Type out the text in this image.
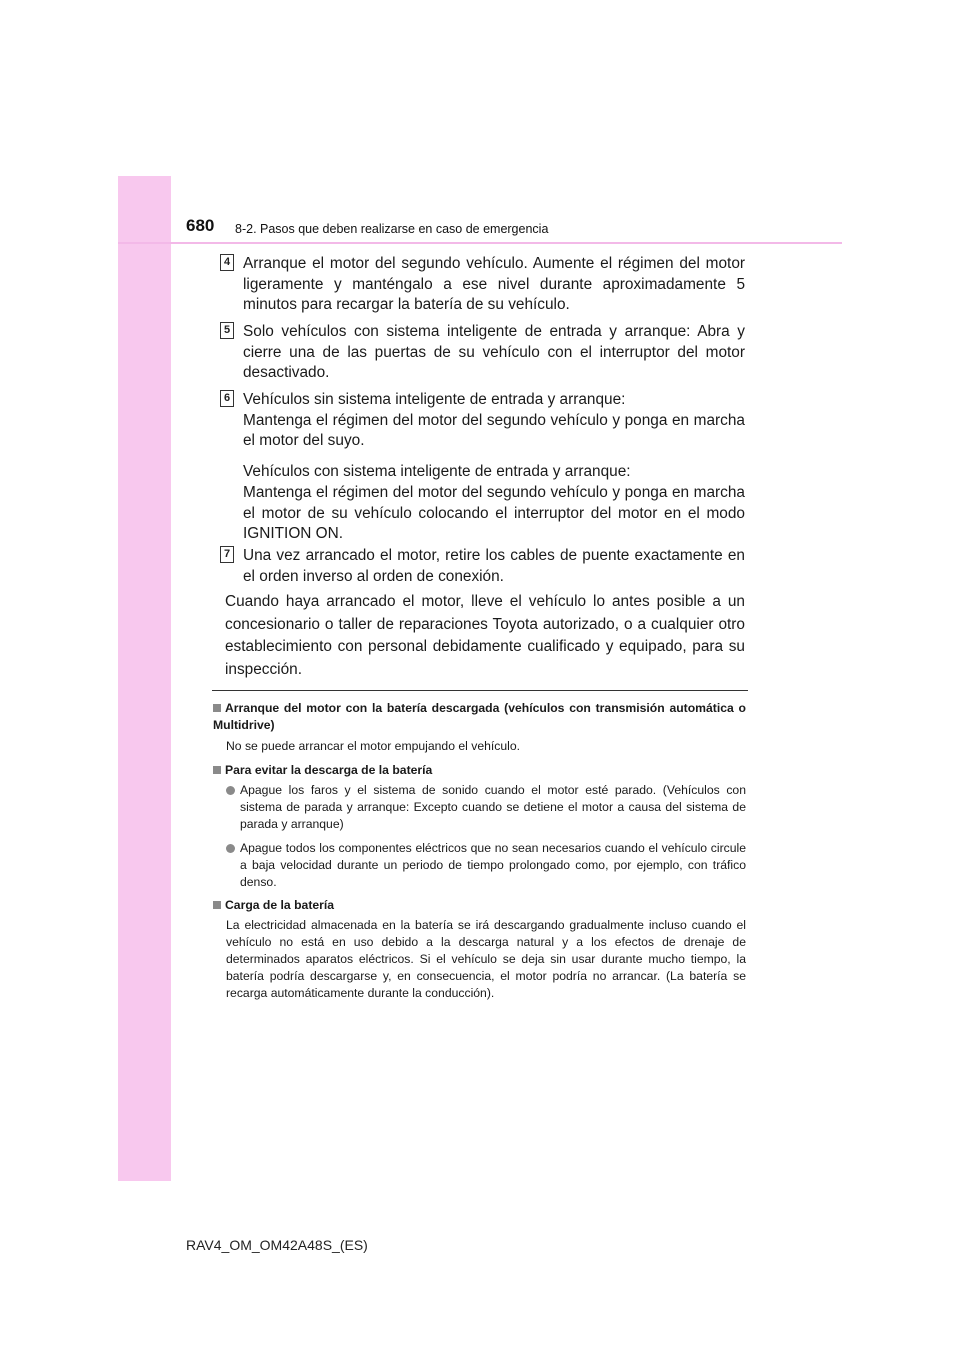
680 8-2. Pasos que deben realizarse en caso de emergencia
4 Arranque el motor del segundo vehículo. Aumente el régimen del motor ligeramente y manténgalo a ese nivel durante aproximadamente 5 minutos para recargar la batería de su vehículo.

5 Solo vehículos con sistema inteligente de entrada y arranque: Abra y cierre una de las puertas de su vehículo con el interruptor del motor desactivado.

6 Vehículos sin sistema inteligente de entrada y arranque:

Mantenga el régimen del motor del segundo vehículo y ponga en marcha el motor del suyo.

Vehículos con sistema inteligente de entrada y arranque:

Mantenga el régimen del motor del segundo vehículo y ponga en marcha el motor de su vehículo colocando el interruptor del motor en el modo IGNITION ON.

7 Una vez arrancado el motor, retire los cables de puente exactamente en el orden inverso al orden de conexión.

Cuando haya arrancado el motor, lleve el vehículo lo antes posible a un concesionario o taller de reparaciones Toyota autorizado, o a cualquier otro establecimiento con personal debidamente cualificado y equipado, para su inspección.

Arranque del motor con la batería descargada (vehículos con transmisión automática o Multidrive)

No se puede arrancar el motor empujando el vehículo.

Para evitar la descarga de la batería

Apague los faros y el sistema de sonido cuando el motor esté parado. (Vehículos con sistema de parada y arranque: Excepto cuando se detiene el motor a causa del sistema de parada y arranque)

Apague todos los componentes eléctricos que no sean necesarios cuando el vehículo circule a baja velocidad durante un periodo de tiempo prolongado como, por ejemplo, con tráfico denso.

Carga de la batería

La electricidad almacenada en la batería se irá descargando gradualmente incluso cuando el vehículo no está en uso debido a la descarga natural y a los efectos de drenaje de determinados aparatos eléctricos. Si el vehículo se deja sin usar durante mucho tiempo, la batería podría descargarse y, en consecuencia, el motor podría no arrancar. (La batería se recarga automáticamente durante la conducción).

RAV4_OM_OM42A48S_(ES)
